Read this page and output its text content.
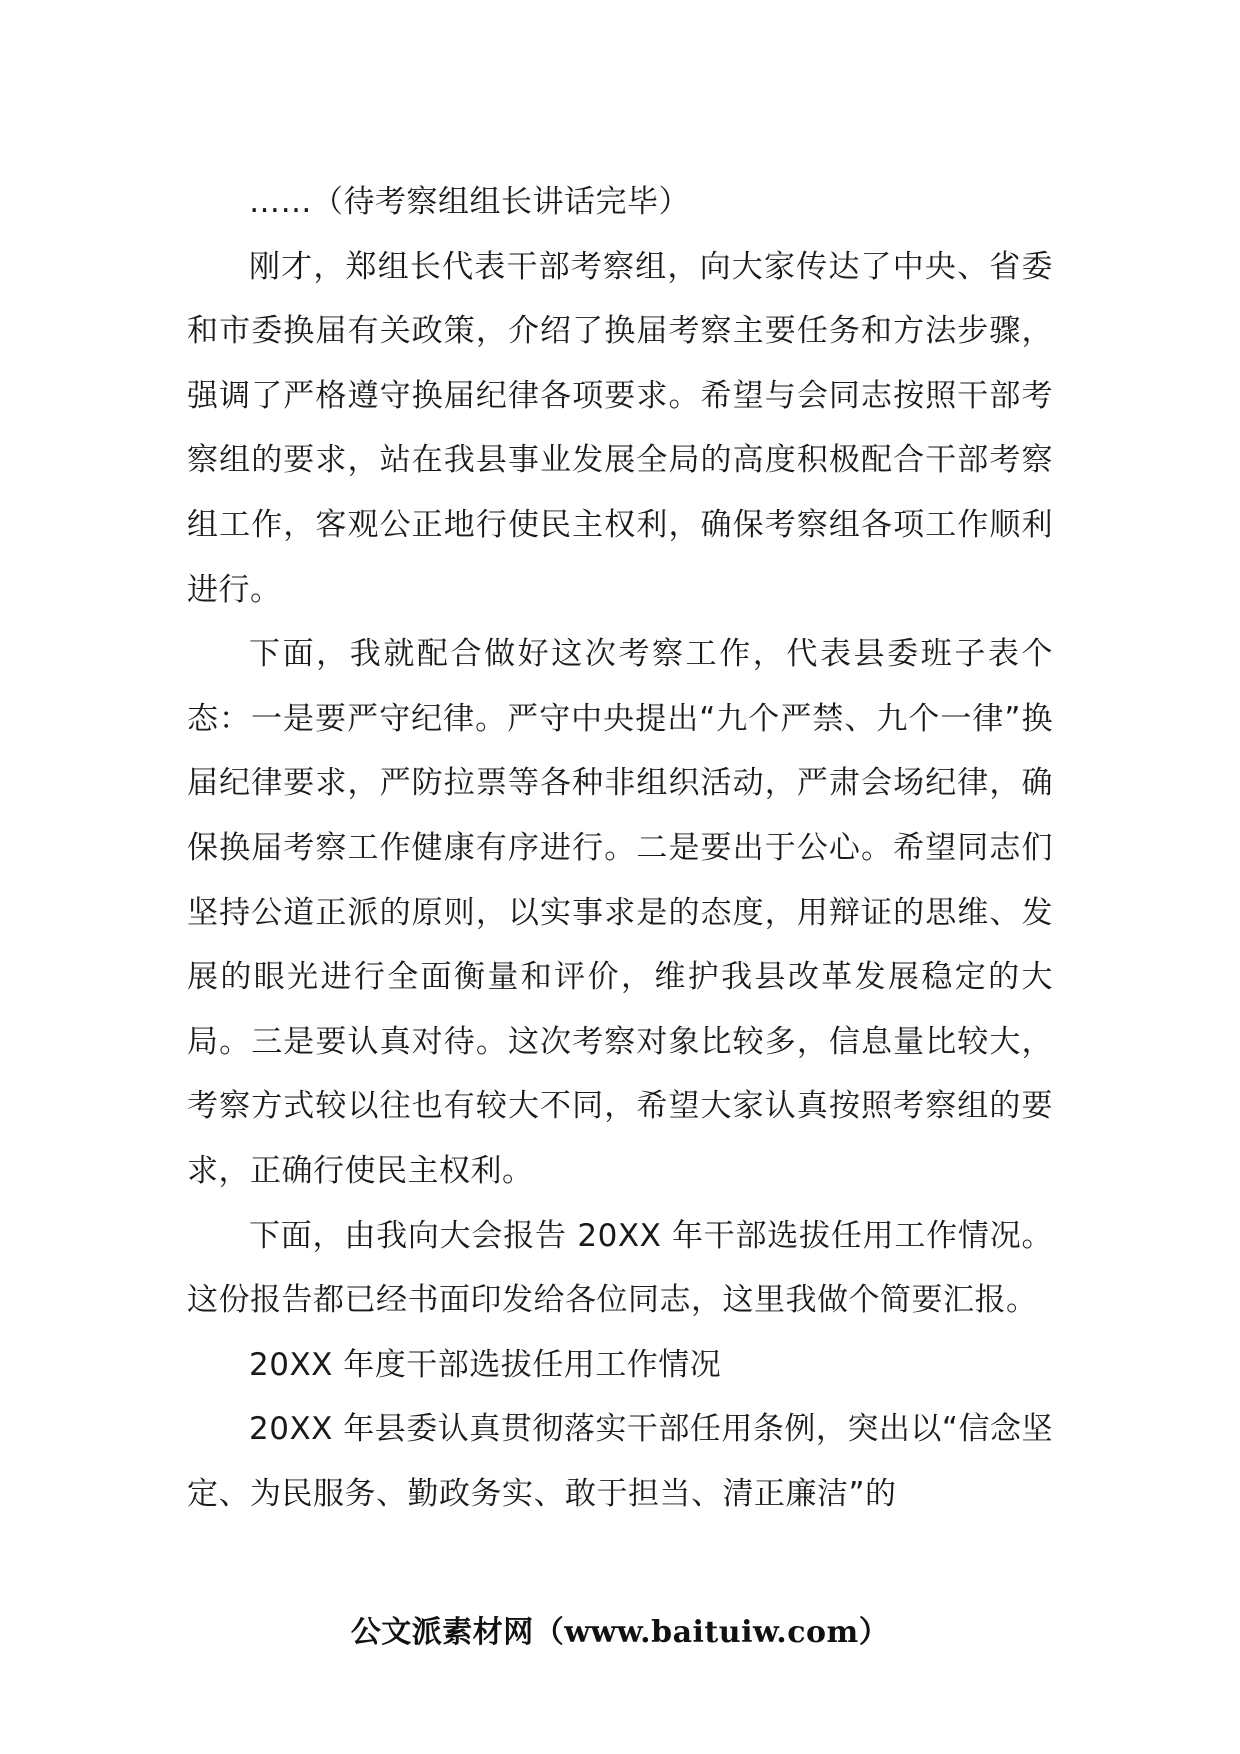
……（待考察组组长讲话完毕）

刚才，郑组长代表干部考察组，向大家传达了中央、省委和市委换届有关政策，介绍了换届考察主要任务和方法步骤，强调了严格遵守换届纪律各项要求。希望与会同志按照干部考察组的要求，站在我县事业发展全局的高度积极配合干部考察组工作，客观公正地行使民主权利，确保考察组各项工作顺利进行。

下面，我就配合做好这次考察工作，代表县委班子表个态：一是要严守纪律。严守中央提出“九个严禁、九个一律”换届纪律要求，严防拉票等各种非组织活动，严肃会场纪律，确保换届考察工作健康有序进行。二是要出于公心。希望同志们坚持公道正派的原则，以实事求是的态度，用辩证的思维、发展的眼光进行全面衡量和评价，维护我县改革发展稳定的大局。三是要认真对待。这次考察对象比较多，信息量比较大，考察方式较以往也有较大不同，希望大家认真按照考察组的要求，正确行使民主权利。

下面，由我向大会报告 20XX 年干部选拔任用工作情况。这份报告都已经书面印发给各位同志，这里我做个简要汇报。

20XX 年度干部选拔任用工作情况

20XX 年县委认真贯彻落实干部任用条例，突出以“信念坚定、为民服务、勤政务实、敢于担当、清正廉洁”的

公文派素材网（www.baituiw.com）
